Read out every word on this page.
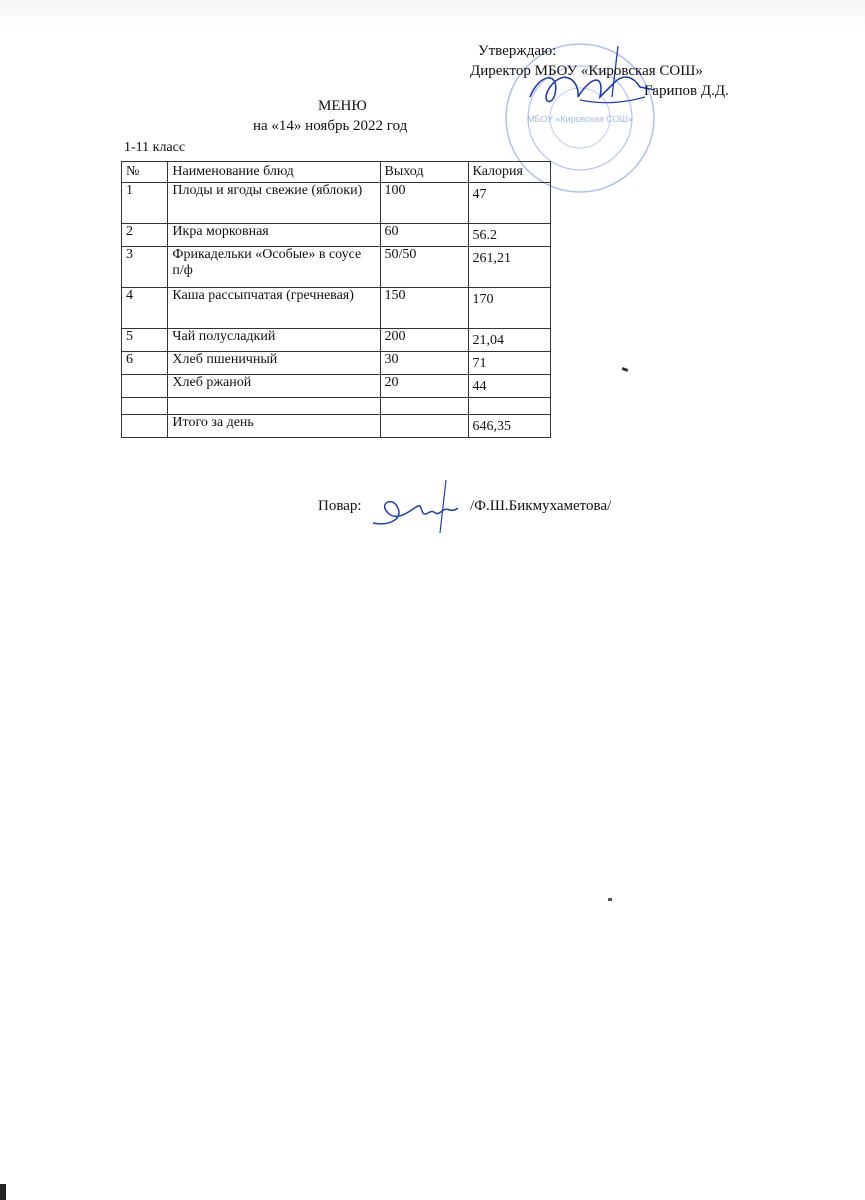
МБОУ «Кировская СОШ»
Утверждаю:
Директор МБОУ «Кировская СОШ»
Гарипов Д.Д.
МЕНЮ
на «14» ноябрь 2022 год
1-11 класс
№	Наименование блюд	Выход	Калория
1	Плоды и ягоды свежие (яблоки)	100	47
2	Икра морковная	60	56.2
3	Фрикадельки «Особые» в соусе п/ф	50/50	261,21
4	Каша рассыпчатая (гречневая)	150	170
5	Чай полусладкий	200	21,04
6	Хлеб пшеничный	30	71
	Хлеб ржаной	20	44

	Итого за день		646,35
Повар:	/Ф.Ш.Бикмухаметова/
